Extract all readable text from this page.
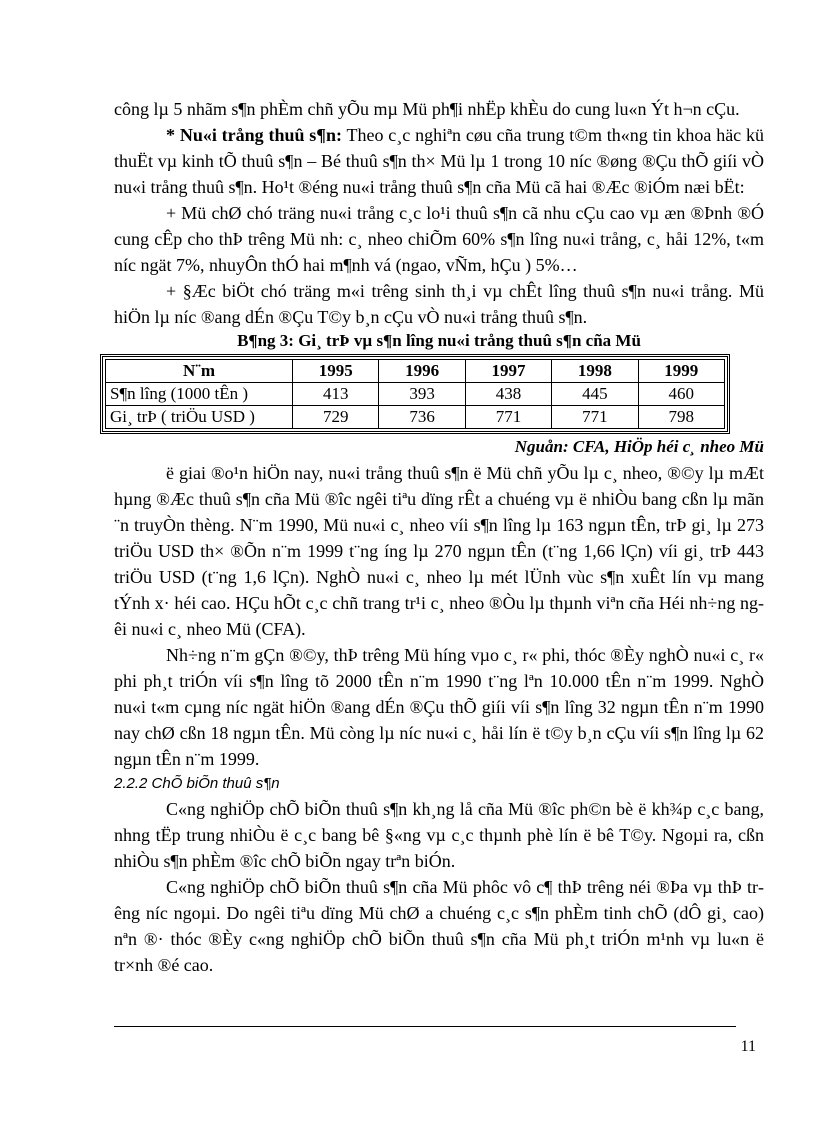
công lµ 5 nhãm s¶n phÈm chñ yÕu mµ Mü ph¶i nhËp khÈu do cung lu«n Ýt h¬n cÇu.

* Nu«i trång thuû s¶n: Theo c¸c nghiªn cøu cña trung t©m th«ng tin khoa häc kü thuËt vµ kinh tÕ thuû s¶n – Bé thuû s¶n th× Mü lµ 1 trong 10 níc ®øng ®Çu thÕ giíi vÒ nu«i trång thuû s¶n. Ho¹t ®éng nu«i trång thuû s¶n cña Mü cã hai ®Æc ®iÓm næi bËt:

+ Mü chØ chó träng nu«i trång c¸c lo¹i thuû s¶n cã nhu cÇu cao vµ æn ®Þnh ®Ó cung cÊp cho thÞ trêng Mü nh: c¸ nheo chiÕm 60% s¶n lîng nu«i trång, c¸ håi 12%, t«m níc ngät 7%, nhuyÔn thÓ hai m¶nh vá (ngao, vÑm, hÇu ) 5%…

+ §Æc biÖt chó träng m«i trêng sinh th¸i vµ chÊt lîng thuû s¶n nu«i trång. Mü hiÖn lµ níc ®ang dÉn ®Çu T©y b¸n cÇu vÒ nu«i trång thuû s¶n.

B¶ng 3: Gi¸ trÞ vµ s¶n lîng nu«i trång thuû s¶n cña Mü

N¨m	1995	1996	1997	1998	1999
S¶n lîng (1000 tÊn )	413	393	438	445	460
Gi¸ trÞ ( triÖu USD )	729	736	771	771	798

Nguån: CFA, HiÖp héi c¸ nheo Mü

ë giai ®o¹n hiÖn nay, nu«i trång thuû s¶n ë Mü chñ yÕu lµ c¸ nheo, ®©y lµ mÆt hµng ®Æc thuû s¶n cña Mü ®îc ngêi tiªu dïng rÊt a chuéng vµ ë nhiÒu bang cßn lµ mãn ¨n truyÒn thèng. N¨m 1990, Mü nu«i c¸ nheo víi s¶n lîng lµ 163 ngµn tÊn, trÞ gi¸ lµ 273 triÖu USD th× ®Õn n¨m 1999 t¨ng íng lµ 270 ngµn tÊn (t¨ng 1,66 lÇn) víi gi¸ trÞ 443 triÖu USD (t¨ng 1,6 lÇn). NghÒ nu«i c¸ nheo lµ mét lÜnh vùc s¶n xuÊt lín vµ mang tÝnh x· héi cao. HÇu hÕt c¸c chñ trang tr¹i c¸ nheo ®Òu lµ thµnh viªn cña Héi nh÷ng ngêi nu«i c¸ nheo Mü (CFA).

Nh÷ng n¨m gÇn ®©y, thÞ trêng Mü híng vµo c¸ r« phi, thóc ®Èy nghÒ nu«i c¸ r« phi ph¸t triÓn víi s¶n lîng tõ 2000 tÊn n¨m 1990 t¨ng lªn 10.000 tÊn n¨m 1999. NghÒ nu«i t«m cµng níc ngät hiÖn ®ang dÉn ®Çu thÕ giíi víi s¶n lîng 32 ngµn tÊn n¨m 1990 nay chØ cßn 18 ngµn tÊn. Mü còng lµ níc nu«i c¸ håi lín ë t©y b¸n cÇu víi s¶n lîng lµ 62 ngµn tÊn n¨m 1999.

2.2.2 ChÕ biÕn thuû s¶n

C«ng nghiÖp chÕ biÕn thuû s¶n kh¸ng lå cña Mü ®îc ph©n bè ë kh¾p c¸c bang, nhng tËp trung nhiÒu ë c¸c bang bê §«ng vµ c¸c thµnh phè lín ë bê T©y. Ngoµi ra, cßn nhiÒu s¶n phÈm ®îc chÕ biÕn ngay trªn biÓn.

C«ng nghiÖp chÕ biÕn thuû s¶n cña Mü phôc vô c¶ thÞ trêng néi ®Þa vµ thÞ trêng níc ngoµi. Do ngêi tiªu dïng Mü chØ a chuéng c¸c s¶n phÈm tinh chÕ (dÔ gi¸ cao) nªn ®· thóc ®Èy c«ng nghiÖp chÕ biÕn thuû s¶n cña Mü ph¸t triÓn m¹nh vµ lu«n ë tr×nh ®é cao.

11
